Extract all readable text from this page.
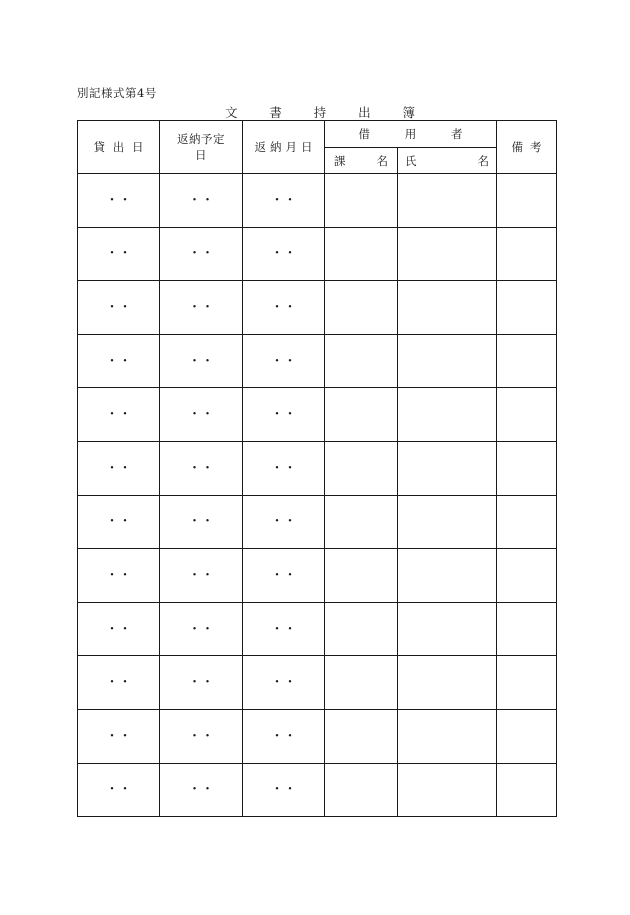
別記様式第4号
文	書	持	出	簿
貸 出 日	返納予定日	返 納 月 日	借 用 者		備 考

			課 名	氏 名	

・ ・	・ ・	・ ・			

・ ・	・ ・	・ ・			

・ ・	・ ・	・ ・			

・ ・	・ ・	・ ・			

・ ・	・ ・	・ ・			

・ ・	・ ・	・ ・			

・ ・	・ ・	・ ・			

・ ・	・ ・	・ ・			

・ ・	・ ・	・ ・			

・ ・	・ ・	・ ・			

・ ・	・ ・	・ ・			

・ ・	・ ・	・ ・			
